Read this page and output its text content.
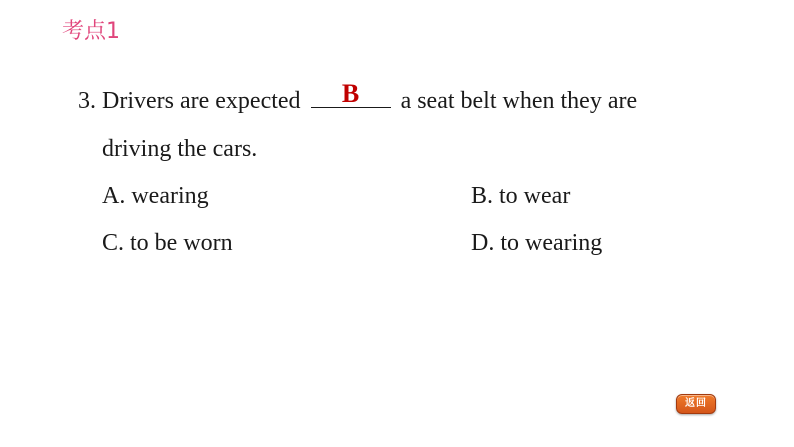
考点1
3. Drivers are expected	B	a seat belt when they are
driving the cars.
A. wearing	B. to wear
C. to be worn	D. to wearing
返回
